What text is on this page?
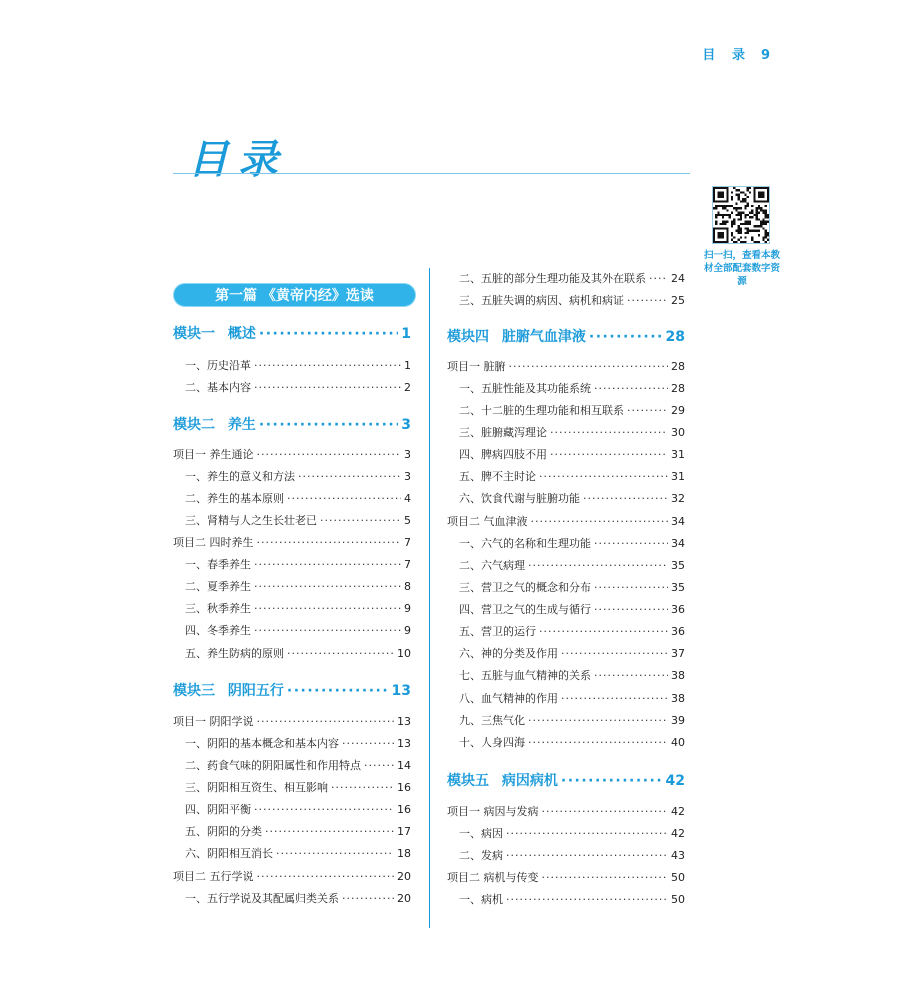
目 录 9
目录
扫一扫，查看本教材全部配套数字资源
第一篇 《黄帝内经》选读
模块一 概述 ·····	1
一、历史沿革 ·····	1
二、基本内容 ·····	2
模块二 养生 ·····	3
项目一 养生通论 ·····	3
一、养生的意义和方法 ·····	3
二、养生的基本原则 ·····	4
三、肾精与人之生长壮老已 ·····	5
项目二 四时养生 ·····	7
一、春季养生 ·····	7
二、夏季养生 ·····	8
三、秋季养生 ·····	9
四、冬季养生 ·····	9
五、养生防病的原则 ·····	10
模块三 阴阳五行 ·····	13
项目一 阴阳学说 ·····	13
一、阴阳的基本概念和基本内容 ·····	13
二、药食气味的阴阳属性和作用特点 ·····	14
三、阴阳相互资生、相互影响 ·····	16
四、阴阳平衡 ·····	16
五、阴阳的分类 ·····	17
六、阴阳相互消长 ·····	18
项目二 五行学说 ·····	20
一、五行学说及其配属归类关系 ·····	20
二、五脏的部分生理功能及其外在联系 ····· 24
三、五脏失调的病因、病机和病证 ·····	25
模块四 脏腑气血津液 ·····	28
项目一 脏腑 ·····	28
一、五脏性能及其功能系统 ·····	28
二、十二脏的生理功能和相互联系 ·····	29
三、脏腑藏泻理论 ·····	30
四、脾病四肢不用 ·····	31
五、脾不主时论 ·····	31
六、饮食代谢与脏腑功能 ·····	32
项目二 气血津液 ·····	34
一、六气的名称和生理功能 ·····	34
二、六气病理 ·····	35
三、营卫之气的概念和分布 ·····	35
四、营卫之气的生成与循行 ·····	36
五、营卫的运行 ·····	36
六、神的分类及作用 ·····	37
七、五脏与血气精神的关系 ·····	38
八、血气精神的作用 ·····	38
九、三焦气化 ·····	39
十、人身四海 ·····	40
模块五 病因病机 ·····	42
项目一 病因与发病 ·····	42
一、病因 ·····	42
二、发病 ·····	43
项目二 病机与传变 ·····	50
一、病机 ·····	50
